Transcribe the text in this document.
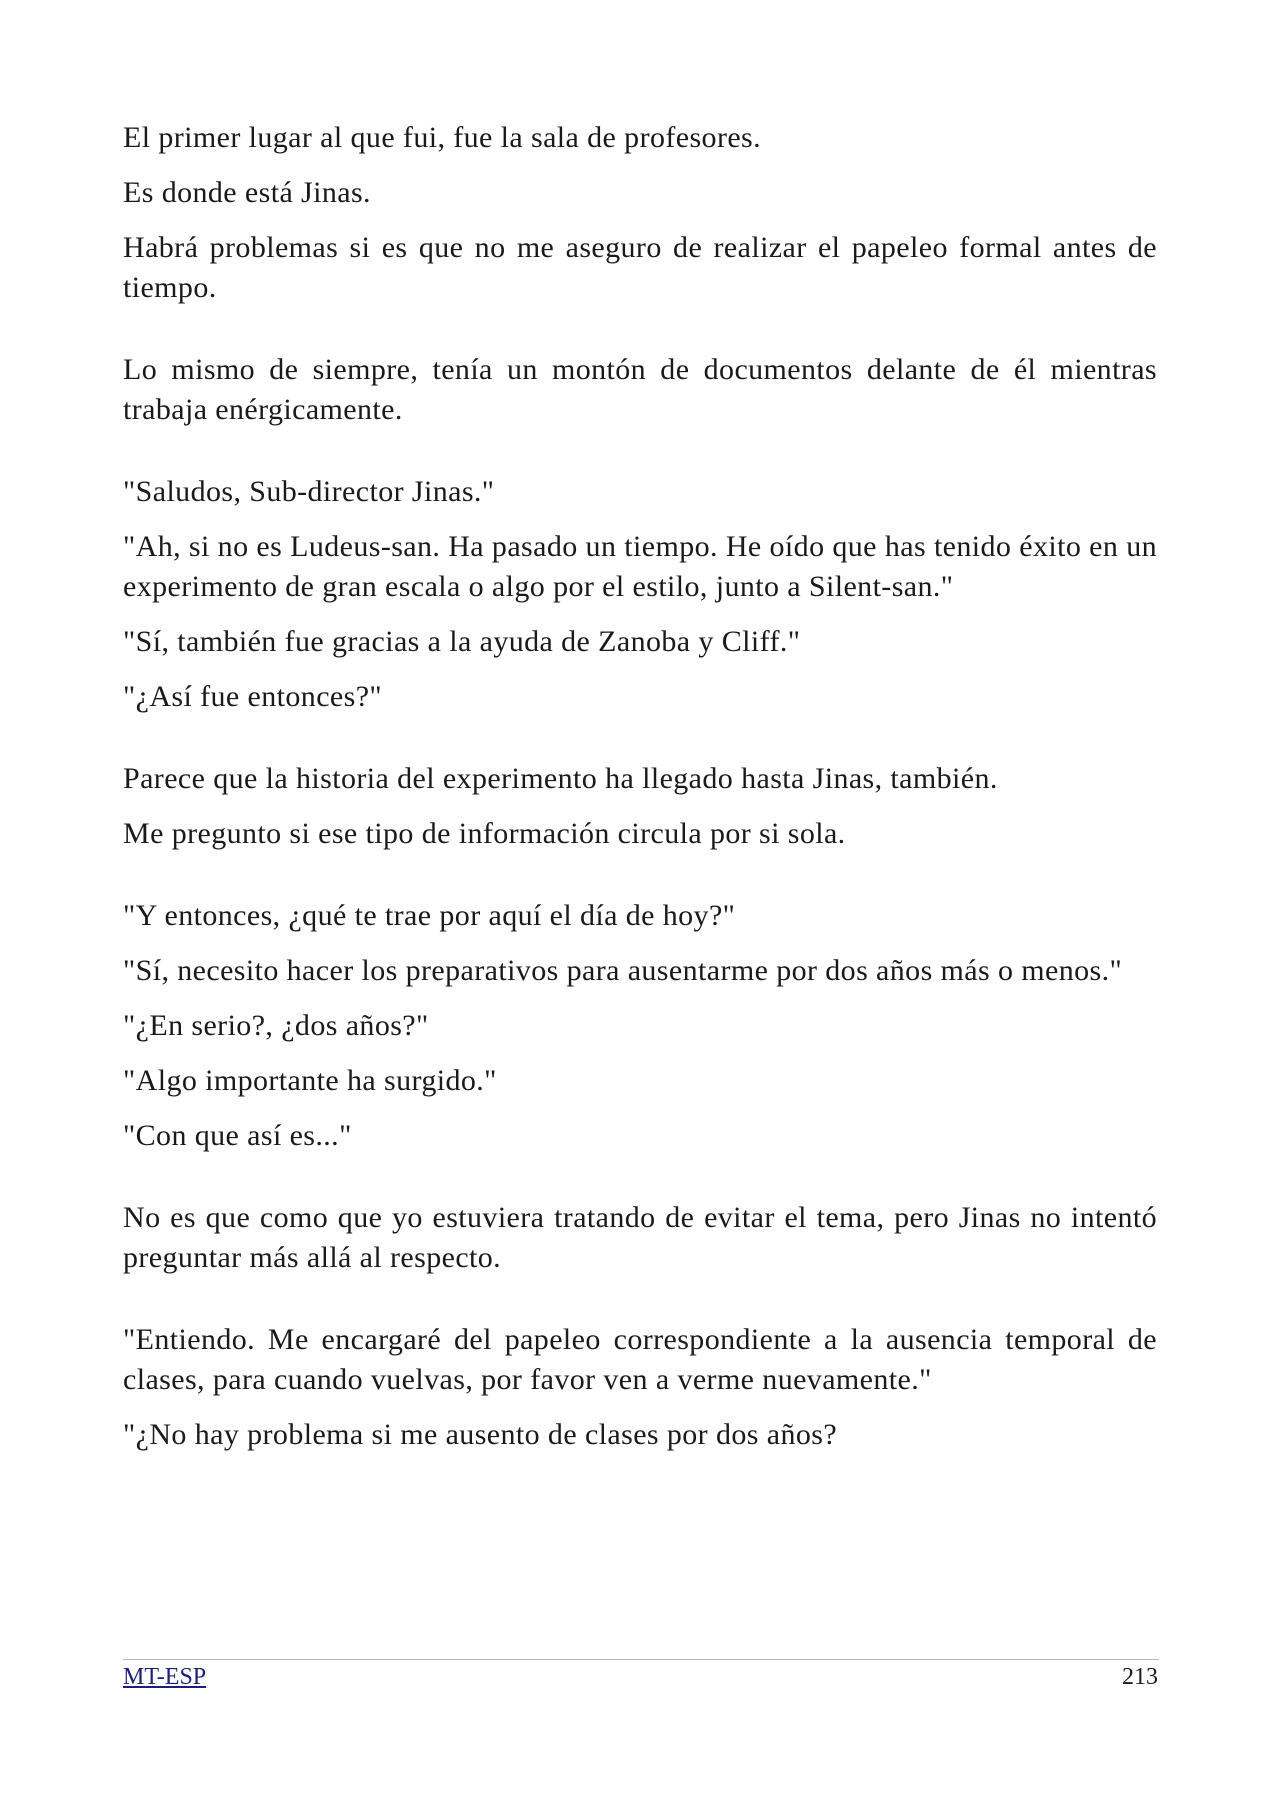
El primer lugar al que fui, fue la sala de profesores.

Es donde está Jinas.

Habrá problemas si es que no me aseguro de realizar el papeleo formal antes de tiempo.

Lo mismo de siempre, tenía un montón de documentos delante de él mientras trabaja enérgicamente.

"Saludos, Sub-director Jinas."

"Ah, si no es Ludeus-san. Ha pasado un tiempo. He oído que has tenido éxito en un experimento de gran escala o algo por el estilo, junto a Silent-san."

"Sí, también fue gracias a la ayuda de Zanoba y Cliff."

"¿Así fue entonces?"

Parece que la historia del experimento ha llegado hasta Jinas, también.

Me pregunto si ese tipo de información circula por si sola.

"Y entonces, ¿qué te trae por aquí el día de hoy?"

"Sí, necesito hacer los preparativos para ausentarme por dos años más o menos."

"¿En serio?, ¿dos años?"

"Algo importante ha surgido."

"Con que así es..."

No es que como que yo estuviera tratando de evitar el tema, pero Jinas no intentó preguntar más allá al respecto.

"Entiendo. Me encargaré del papeleo correspondiente a la ausencia temporal de clases, para cuando vuelvas, por favor ven a verme nuevamente."

"¿No hay problema si me ausento de clases por dos años?

MT-ESP	213
